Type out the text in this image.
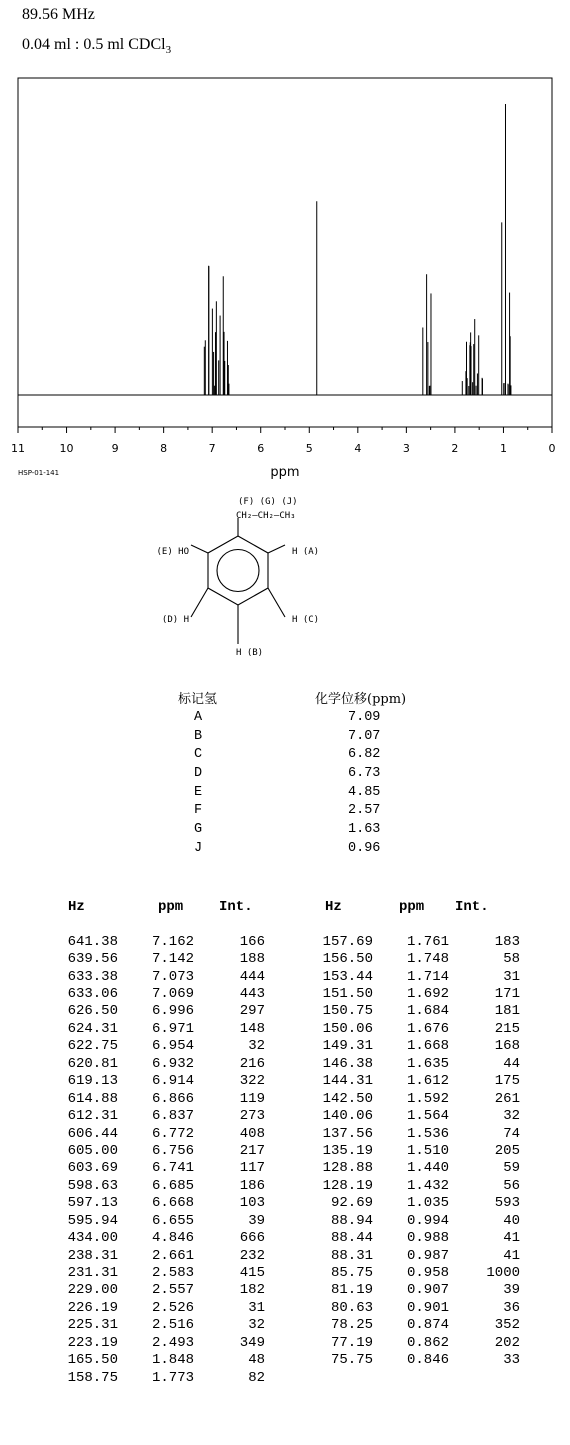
89.56 MHz
0.04 ml : 0.5 ml CDCl$_3$
11	10	9	8	7	6	5	4	3	2	1	0
ppm
HSP-01-141
(F) (G) (J)
CH₂—CH₂—CH₃
(E) HO	H (A)
H (C)
(D) H
H (B)
标记氢	化学位移(ppm)
A	7.09
B	7.07
C	6.82
D	6.73
E	4.85
F	2.57
G	1.63
J	0.96
Hz	ppm	Int.
641.38	7.162	166
639.56	7.142	188
633.38	7.073	444
633.06	7.069	443
626.50	6.996	297
624.31	6.971	148
622.75	6.954	32
620.81	6.932	216
619.13	6.914	322
614.88	6.866	119
612.31	6.837	273
606.44	6.772	408
605.00	6.756	217
603.69	6.741	117
598.63	6.685	186
597.13	6.668	103
595.94	6.655	39
434.00	4.846	666
238.31	2.661	232
231.31	2.583	415
229.00	2.557	182
226.19	2.526	31
225.31	2.516	32
223.19	2.493	349
165.50	1.848	48
158.75	1.773	82
Hz	ppm	Int.
157.69	1.761	183
156.50	1.748	58
153.44	1.714	31
151.50	1.692	171
150.75	1.684	181
150.06	1.676	215
149.31	1.668	168
146.38	1.635	44
144.31	1.612	175
142.50	1.592	261
140.06	1.564	32
137.56	1.536	74
135.19	1.510	205
128.88	1.440	59
128.19	1.432	56
92.69	1.035	593
88.94	0.994	40
88.44	0.988	41
88.31	0.987	41
85.75	0.958	1000
81.19	0.907	39
80.63	0.901	36
78.25	0.874	352
77.19	0.862	202
75.75	0.846	33
